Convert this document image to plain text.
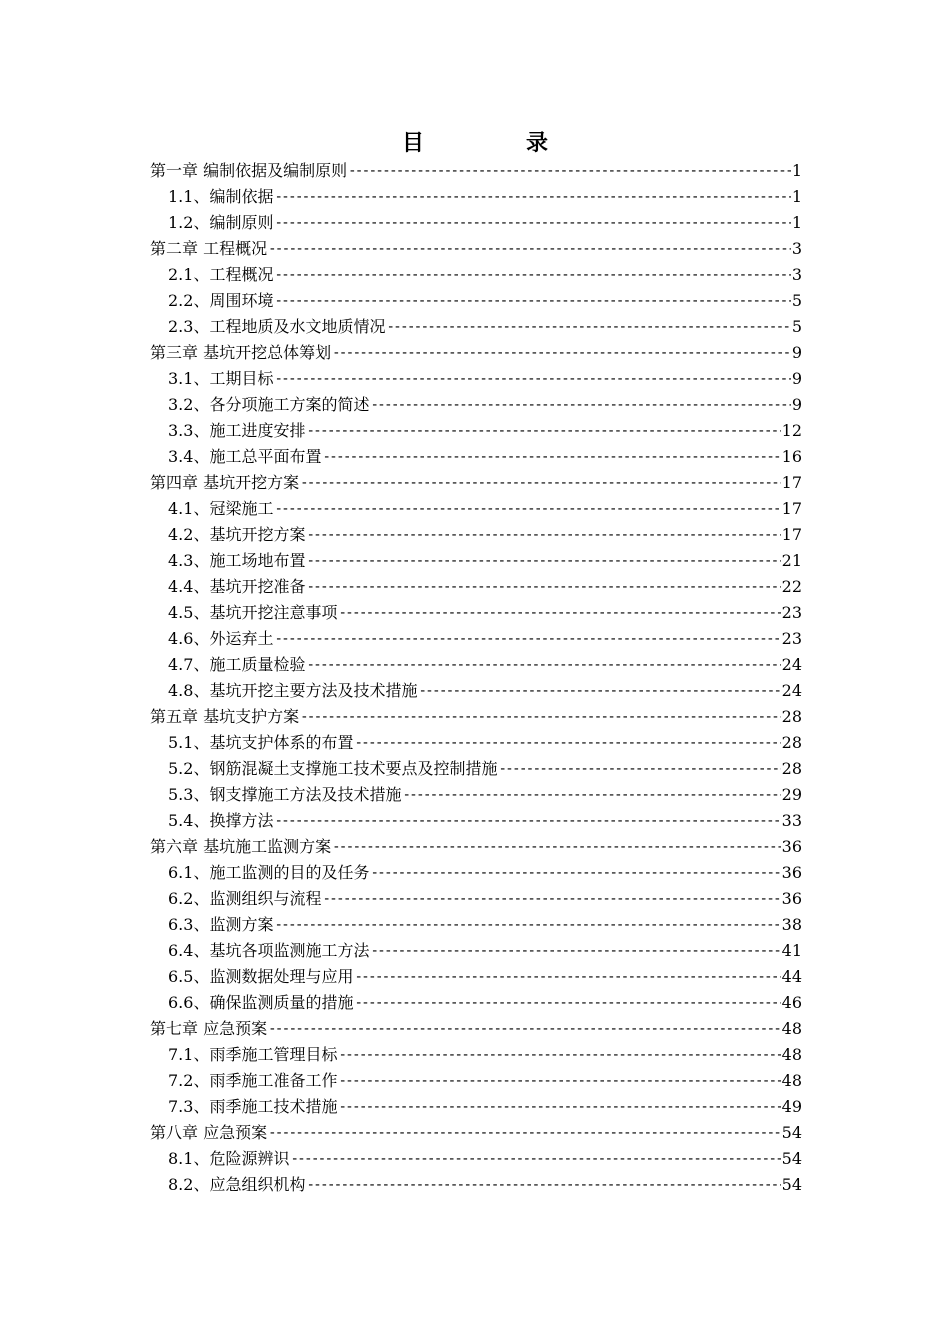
目　录
第一章 编制依据及编制原则 -----	1
1.1、编制依据 -----	1
1.2、编制原则 -----	1
第二章 工程概况 -----	3
2.1、工程概况 -----	3
2.2、周围环境 -----	5
2.3、工程地质及水文地质情况 -----	5
第三章 基坑开挖总体筹划 -----	9
3.1、工期目标 -----	9
3.2、各分项施工方案的简述 -----	9
3.3、施工进度安排 -----	12
3.4、施工总平面布置 -----	16
第四章 基坑开挖方案 -----	17
4.1、冠梁施工 -----	17
4.2、基坑开挖方案 -----	17
4.3、施工场地布置 -----	21
4.4、基坑开挖准备 -----	22
4.5、基坑开挖注意事项 -----	23
4.6、外运弃土 -----	23
4.7、施工质量检验 -----	24
4.8、基坑开挖主要方法及技术措施 -----	24
第五章 基坑支护方案 -----	28
5.1、基坑支护体系的布置 -----	28
5.2、钢筋混凝土支撑施工技术要点及控制措施 -----	28
5.3、钢支撑施工方法及技术措施 -----	29
5.4、换撑方法 -----	33
第六章 基坑施工监测方案 -----	36
6.1、施工监测的目的及任务 -----	36
6.2、监测组织与流程 -----	36
6.3、监测方案 -----	38
6.4、基坑各项监测施工方法 -----	41
6.5、监测数据处理与应用 -----	44
6.6、确保监测质量的措施 -----	46
第七章 应急预案 -----	48
7.1、雨季施工管理目标 -----	48
7.2、雨季施工准备工作 -----	48
7.3、雨季施工技术措施 -----	49
第八章 应急预案 -----	54
8.1、危险源辨识 -----	54
8.2、应急组织机构 -----	54
